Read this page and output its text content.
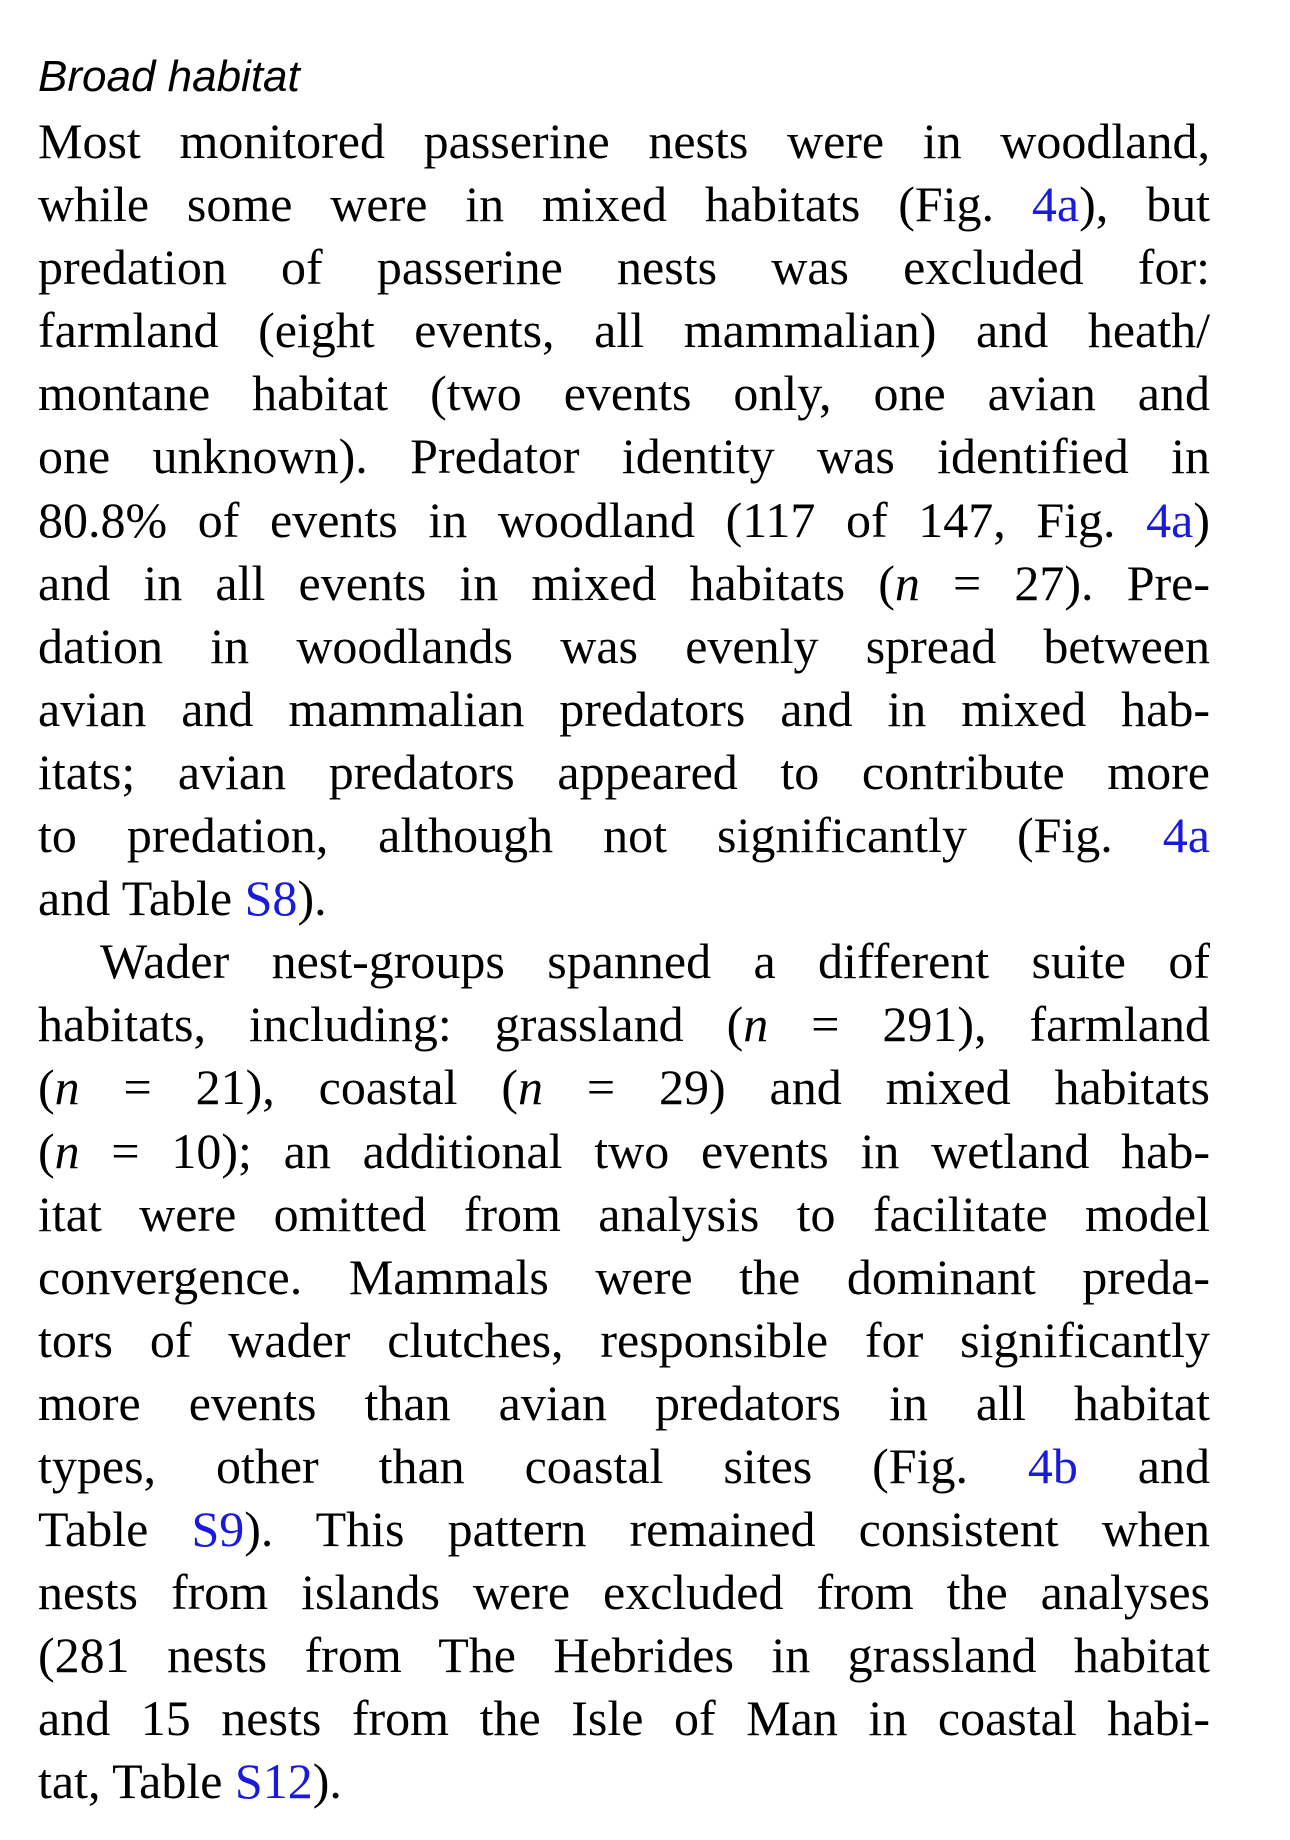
Broad habitat
Most monitored passerine nests were in woodland,
while some were in mixed habitats (Fig. 4a), but
predation of passerine nests was excluded for:
farmland (eight events, all mammalian) and heath/
montane habitat (two events only, one avian and
one unknown). Predator identity was identified in
80.8% of events in woodland (117 of 147, Fig. 4a)
and in all events in mixed habitats (n = 27). Pre-
dation in woodlands was evenly spread between
avian and mammalian predators and in mixed hab-
itats; avian predators appeared to contribute more
to predation, although not significantly (Fig. 4a
and Table S8).
Wader nest-groups spanned a different suite of
habitats, including: grassland (n = 291), farmland
(n = 21), coastal (n = 29) and mixed habitats
(n = 10); an additional two events in wetland hab-
itat were omitted from analysis to facilitate model
convergence. Mammals were the dominant preda-
tors of wader clutches, responsible for significantly
more events than avian predators in all habitat
types, other than coastal sites (Fig. 4b and
Table S9). This pattern remained consistent when
nests from islands were excluded from the analyses
(281 nests from The Hebrides in grassland habitat
and 15 nests from the Isle of Man in coastal habi-
tat, Table S12).
